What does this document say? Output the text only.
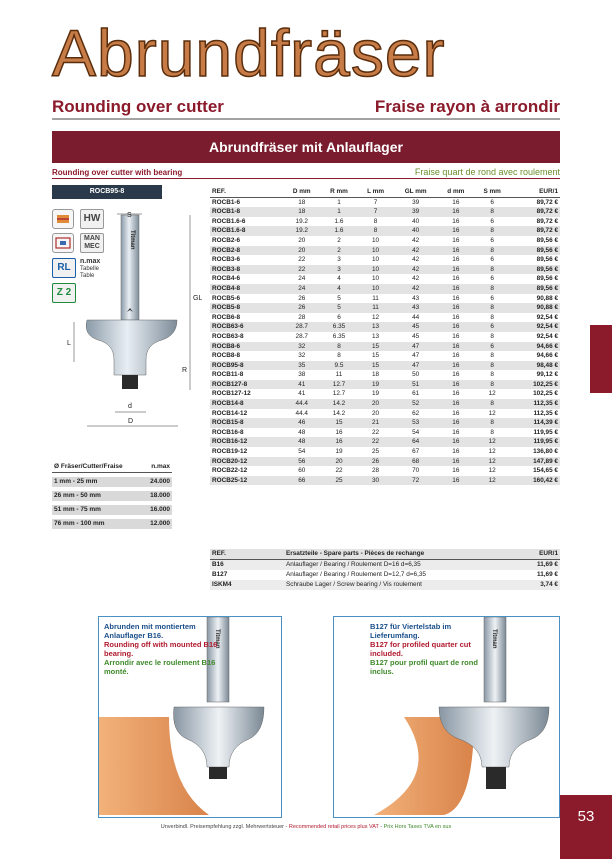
Abrundfräser
Rounding over cutter	Fraise rayon à arrondir
Abrundfräser mit Anlauflager
Rounding over cutter with bearing	Fraise quart de rond avec roulement
ROCB95-8
HW
MAN
MEC
RL
n.max
Tabelle
Table
Z 2
Titman
S
GL
L
R
d
D
Ø Fräser/Cutter/Fraise	n.max
1 mm - 25 mm	24.000
26 mm - 50 mm	18.000
51 mm - 75 mm	16.000
76 mm - 100 mm	12.000
REF.	D mm	R mm	L mm	GL mm	d mm	S mm	EUR/1
ROCB1-6	18	1	7	39	16	6	89,72 €
ROCB1-8	18	1	7	39	16	8	89,72 €
ROCB1.6-6	19.2	1.6	8	40	16	6	89,72 €
ROCB1.6-8	19.2	1.6	8	40	16	8	89,72 €
ROCB2-6	20	2	10	42	16	6	89,56 €
ROCB2-8	20	2	10	42	16	8	89,56 €
ROCB3-6	22	3	10	42	16	6	89,56 €
ROCB3-8	22	3	10	42	16	8	89,56 €
ROCB4-6	24	4	10	42	16	6	89,56 €
ROCB4-8	24	4	10	42	16	8	89,56 €
ROCB5-6	26	5	11	43	16	6	90,88 €
ROCB5-8	26	5	11	43	16	8	90,88 €
ROCB6-8	28	6	12	44	16	8	92,54 €
ROCB63-6	28.7	6.35	13	45	16	6	92,54 €
ROCB63-8	28.7	6.35	13	45	16	8	92,54 €
ROCB8-6	32	8	15	47	16	6	94,66 €
ROCB8-8	32	8	15	47	16	8	94,66 €
ROCB95-8	35	9.5	15	47	16	8	98,48 €
ROCB11-8	38	11	18	50	16	8	99,12 €
ROCB127-8	41	12.7	19	51	16	8	102,25 €
ROCB127-12	41	12.7	19	61	16	12	102,25 €
ROCB14-8	44.4	14.2	20	52	16	8	112,35 €
ROCB14-12	44.4	14.2	20	62	16	12	112,35 €
ROCB15-8	46	15	21	53	16	8	114,39 €
ROCB16-8	48	16	22	54	16	8	119,95 €
ROCB16-12	48	16	22	64	16	12	119,95 €
ROCB19-12	54	19	25	67	16	12	136,80 €
ROCB20-12	56	20	26	68	16	12	147,89 €
ROCB22-12	60	22	28	70	16	12	154,65 €
ROCB25-12	66	25	30	72	16	12	160,42 €
REF.	Ersatzteile - Spare parts - Pièces de rechange	EUR/1
B16	Anlauflager / Bearing / Roulement D=16 d=6,35	11,69 €
B127	Anlauflager / Bearing / Roulement D=12,7 d=6,35	11,69 €
ISKM4	Schraube Lager / Screw bearing / Vis roulement	3,74 €
Titman
Abrunden mit montiertem Anlauflager B16.
Rounding off with mounted B16 bearing.
Arrondir avec le roulement B16 monté.
Titman
B127 für Viertelstab im Lieferumfang.
B127 for profiled quarter cut included.
B127 pour profil quart de rond inclus.
Unverbindl. Preisempfehlung zzgl. Mehrwertsteuer - Recommended retail prices plus VAT - Prix Hors Taxes TVA en sus
53
